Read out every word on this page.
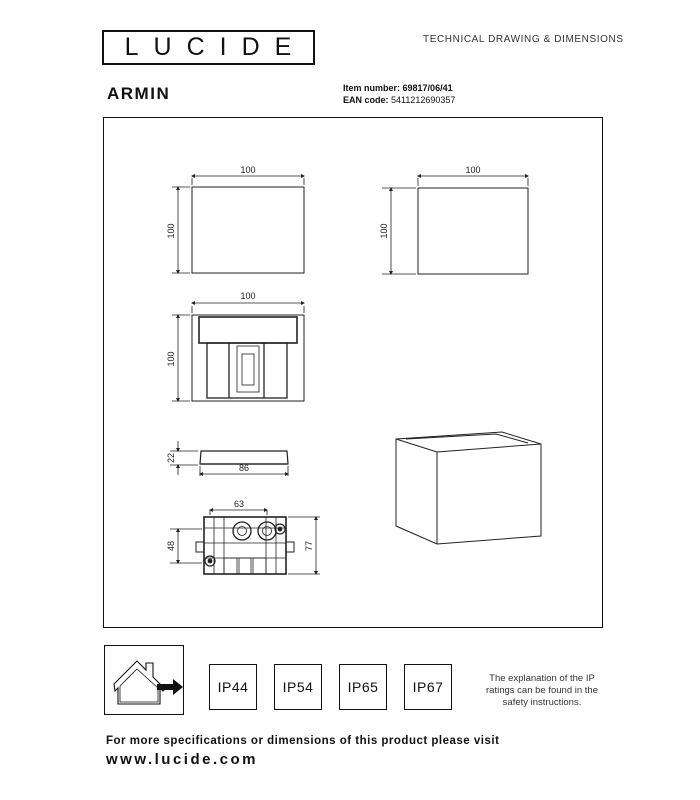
LUCIDE	TECHNICAL DRAWING & DIMENSIONS
ARMIN	Item number: 69817/06/41
EAN code: 5411212690357
100
100
100
100
100
100
22
86
63
48	77
IP44	IP54	IP65	IP67
The explanation of the IP ratings can be found in the safety instructions.
For more specifications or dimensions of this product please visit
www.lucide.com
